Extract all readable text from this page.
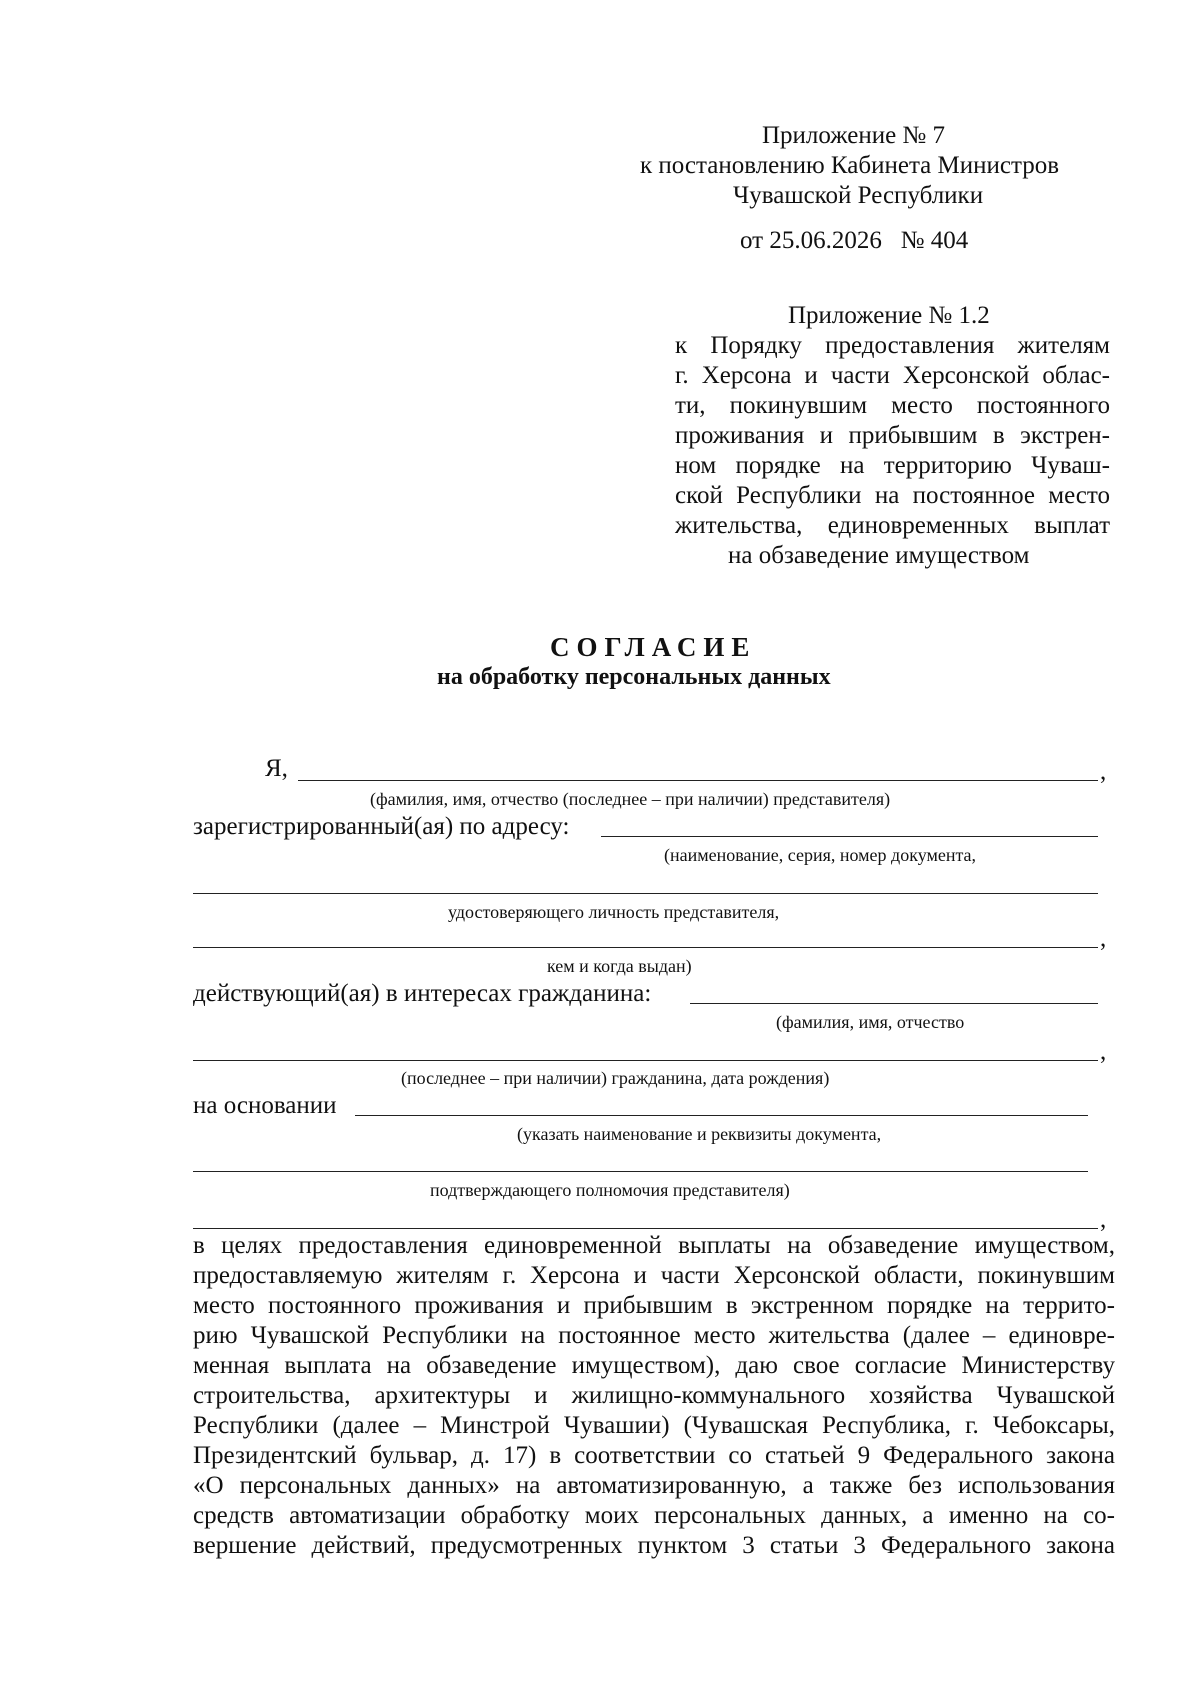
Приложение № 7
к постановлению Кабинета Министров
Чувашской Республики
от 25.06.2026 № 404
Приложение № 1.2
к Порядку предоставления жителям
г. Херсона и части Херсонской облас-
ти, покинувшим место постоянного
проживания и прибывшим в экстрен-
ном порядке на территорию Чуваш-
ской Республики на постоянное место
жительства, единовременных выплат
на обзаведение имуществом
СОГЛАСИЕ
на обработку персональных данных
Я,	,
(фамилия, имя, отчество (последнее – при наличии) представителя)
зарегистрированный(ая) по адресу:
(наименование, серия, номер документа,
удостоверяющего личность представителя,
,
кем и когда выдан)
действующий(ая) в интересах гражданина:
(фамилия, имя, отчество
,
(последнее – при наличии) гражданина, дата рождения)
на основании
(указать наименование и реквизиты документа,
подтверждающего полномочия представителя)
,
в целях предоставления единовременной выплаты на обзаведение имуществом,
предоставляемую жителям г. Херсона и части Херсонской области, покинувшим
место постоянного проживания и прибывшим в экстренном порядке на террито-
рию Чувашской Республики на постоянное место жительства (далее – единовре-
менная выплата на обзаведение имуществом), даю свое согласие Министерству
строительства, архитектуры и жилищно-коммунального хозяйства Чувашской
Республики (далее – Минстрой Чувашии) (Чувашская Республика, г. Чебоксары,
Президентский бульвар, д. 17) в соответствии со статьей 9 Федерального закона
«О персональных данных» на автоматизированную, а также без использования
средств автоматизации обработку моих персональных данных, а именно на со-
вершение действий, предусмотренных пунктом 3 статьи 3 Федерального закона
